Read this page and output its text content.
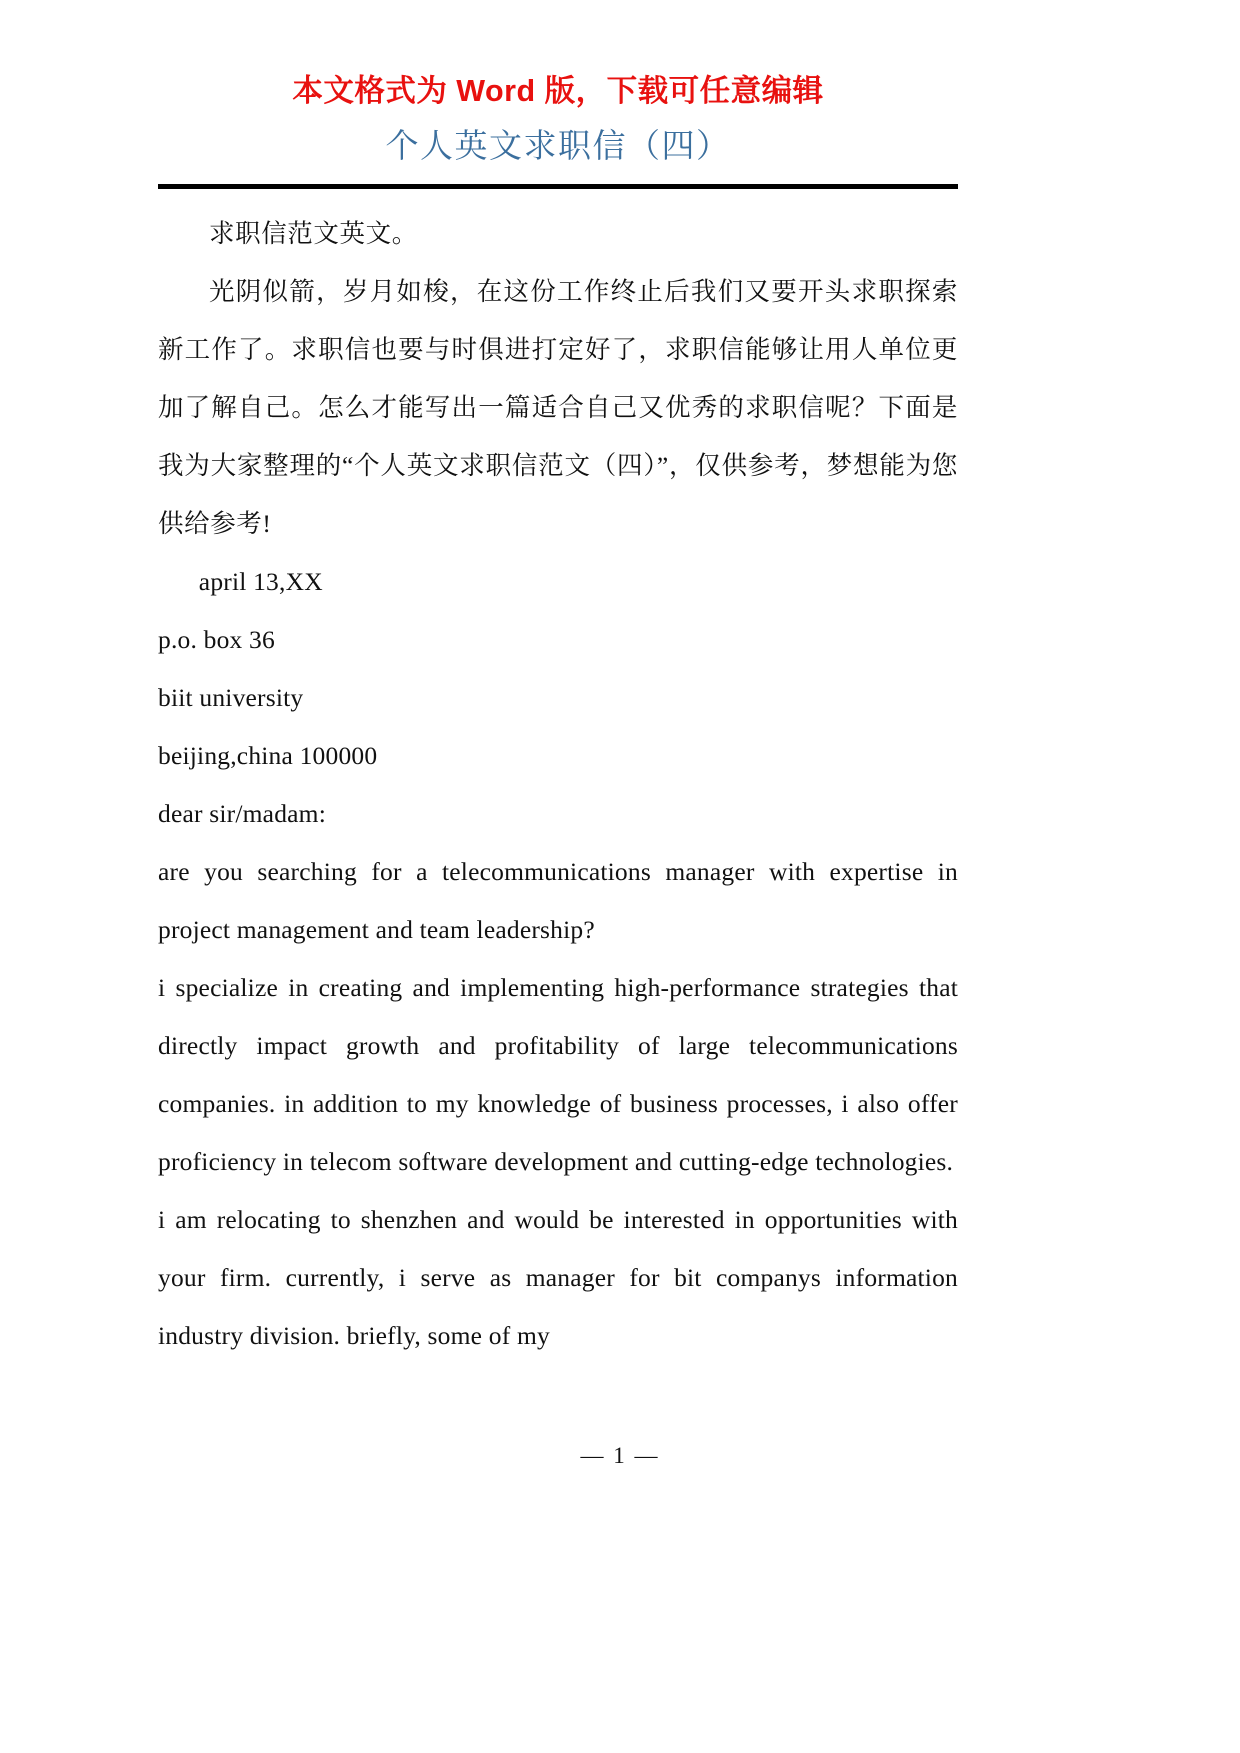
本文格式为 Word 版，下载可任意编辑
个人英文求职信（四）

求职信范文英文。

光阴似箭，岁月如梭，在这份工作终止后我们又要开头求职探索新工作了。求职信也要与时俱进打定好了，求职信能够让用人单位更加了解自己。怎么才能写出一篇适合自己又优秀的求职信呢？下面是我为大家整理的“个人英文求职信范文（四）”，仅供参考，梦想能为您供给参考!

april 13,XX

p.o. box 36

biit university

beijing,china 100000

dear sir/madam:

are you searching for a telecommunications manager with expertise in project management and team leadership?

i specialize in creating and implementing high-performance strategies that directly impact growth and profitability of large telecommunications companies. in addition to my knowledge of business processes, i also offer proficiency in telecom software development and cutting-edge technologies.

i am relocating to shenzhen and would be interested in opportunities with your firm. currently, i serve as manager for bit companys information industry division. briefly, some of my

— 1 —
